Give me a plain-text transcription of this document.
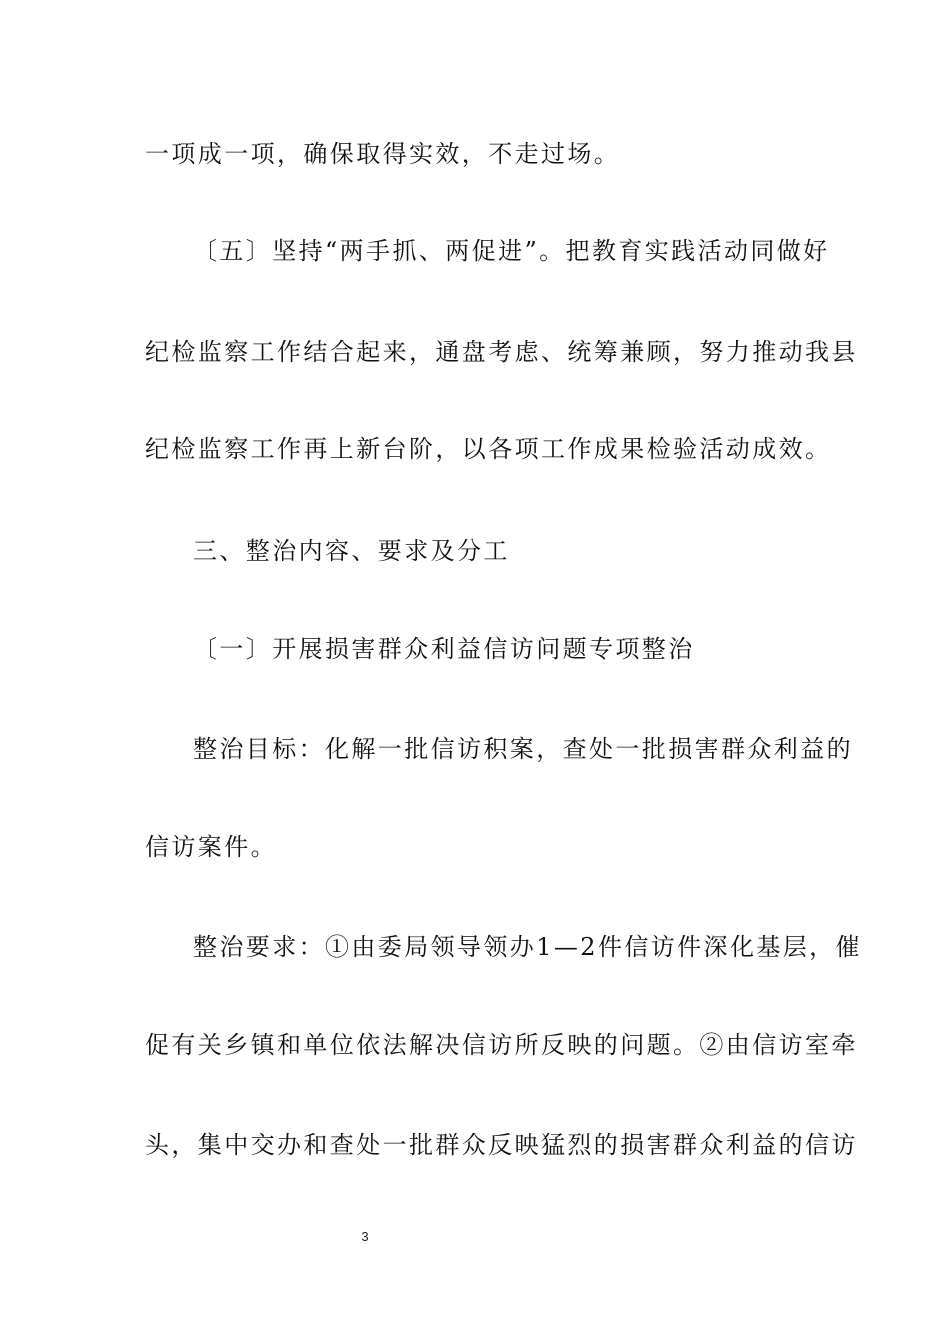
一项成一项，确保取得实效，不走过场。
〔五〕坚持“两手抓、两促进”。把教育实践活动同做好
纪检监察工作结合起来，通盘考虑、统筹兼顾，努力推动我县
纪检监察工作再上新台阶，以各项工作成果检验活动成效。
三、整治内容、要求及分工
〔一〕开展损害群众利益信访问题专项整治
整治目标：化解一批信访积案，查处一批损害群众利益的
信访案件。
整治要求：①由委局领导领办1—2件信访件深化基层，催
促有关乡镇和单位依法解决信访所反映的问题。②由信访室牵
头，集中交办和查处一批群众反映猛烈的损害群众利益的信访
3
